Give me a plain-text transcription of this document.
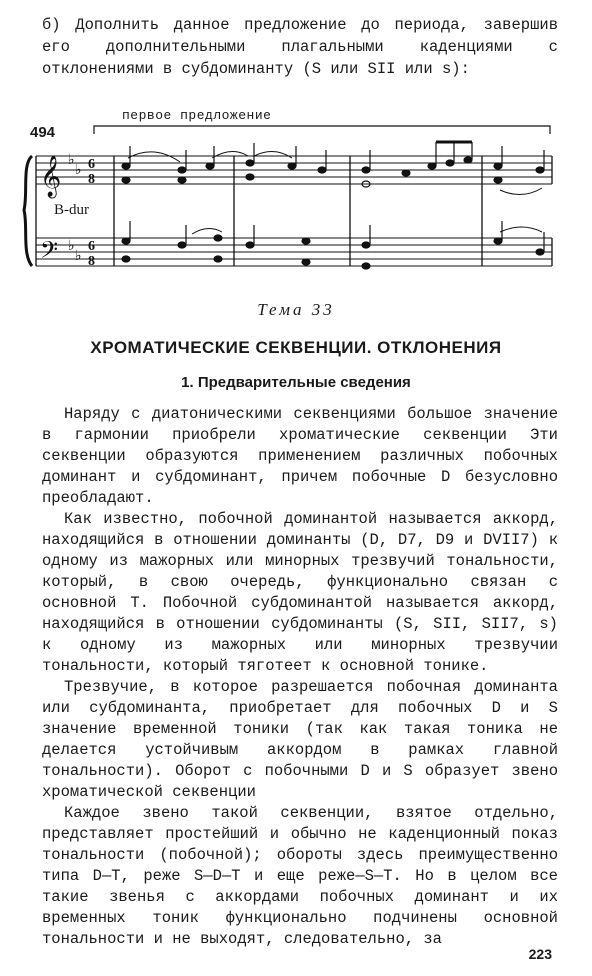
б) Дополнить данное предложение до периода, завершив его дополнительными плагальными каденциями с отклонениями в субдоминанту (S или SII или s):

494
первое предложение
B-dur
𝄞
𝄢
♭
♭
♭
♭
6
8
6
8
Тема 33
ХРОМАТИЧЕСКИЕ СЕКВЕНЦИИ. ОТКЛОНЕНИЯ
1. Предварительные сведения

Наряду с диатоническими секвенциями большое значение в гармонии приобрели хроматические секвенции Эти секвенции образуются применением различных побочных доминант и субдоминант, причем побочные D безусловно преобладают.

Как известно, побочной доминантой называется аккорд, находящийся в отношении доминанты (D, D7, D9 и DVII7) к одному из мажорных или минорных трезвучий тональности, который, в свою очередь, функционально связан с основной Т. Побочной субдоминантой называется аккорд, находящийся в отношении субдоминанты (S, SII, SII7, s) к одному из мажорных или минорных трезвучии тональности, который тяготеет к основной тонике.

Трезвучие, в которое разрешается побочная доминанта или субдоминанта, приобретает для побочных D и S значение временной тоники (так как такая тоника не делается устойчивым аккордом в рамках главной тональности). Оборот с побочными D и S образует звено хроматической секвенции

Каждое звено такой секвенции, взятое отдельно, представляет простейший и обычно не каденционный показ тональности (побочной); обороты здесь преимущественно типа D—T, реже S—D—T и еще реже—S—T. Но в целом все такие звенья с аккордами побочных доминант и их временных тоник функционально подчинены основной тональности и не выходят, следовательно, за

223
